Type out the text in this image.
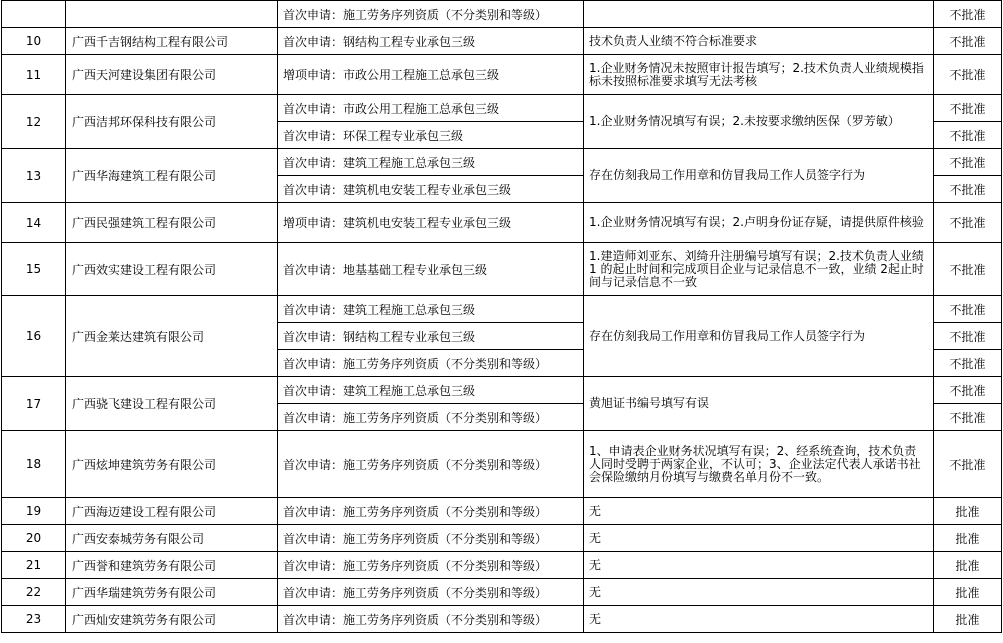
		首次申请：施工劳务序列资质（不分类别和等级）		不批准
10	广西千吉钢结构工程有限公司	首次申请：钢结构工程专业承包三级	技术负责人业绩不符合标准要求	不批准
11	广西天河建设集团有限公司	增项申请：市政公用工程施工总承包三级	1.企业财务情况未按照审计报告填写；2.技术负责人业绩规模指标未按照标准要求填写无法考核	不批准
12	广西洁邦环保科技有限公司	首次申请：市政公用工程施工总承包三级	1.企业财务情况填写有误；2.未按要求缴纳医保（罗芳敏）	不批准
		首次申请：环保工程专业承包三级		不批准
13	广西华海建筑工程有限公司	首次申请：建筑工程施工总承包三级	存在仿刻我局工作用章和仿冒我局工作人员签字行为	不批准
		首次申请：建筑机电安装工程专业承包三级		不批准
14	广西民强建筑工程有限公司	增项申请：建筑机电安装工程专业承包三级	1.企业财务情况填写有误；2.卢明身份证存疑，请提供原件核验	不批准
15	广西效实建设工程有限公司	首次申请：地基基础工程专业承包三级	1.建造师刘亚东、刘绮升注册编号填写有误；2.技术负责人业绩 1 的起止时间和完成项目企业与记录信息不一致，业绩 2起止时间与记录信息不一致	不批准
16	广西金莱达建筑有限公司	首次申请：建筑工程施工总承包三级	存在仿刻我局工作用章和仿冒我局工作人员签字行为	不批准
		首次申请：钢结构工程专业承包三级		不批准
		首次申请：施工劳务序列资质（不分类别和等级）		不批准
17	广西骁飞建设工程有限公司	首次申请：建筑工程施工总承包三级	黄旭证书编号填写有误	不批准
		首次申请：施工劳务序列资质（不分类别和等级）		不批准
18	广西炫坤建筑劳务有限公司	首次申请：施工劳务序列资质（不分类别和等级）	1、申请表企业财务状况填写有误；2、经系统查询，技术负责人同时受聘于两家企业，不认可；3、企业法定代表人承诺书社会保险缴纳月份填写与缴费名单月份不一致。	不批准
19	广西海迈建设工程有限公司	首次申请：施工劳务序列资质（不分类别和等级）	无	批准
20	广西安泰城劳务有限公司	首次申请：施工劳务序列资质（不分类别和等级）	无	批准
21	广西誉和建筑劳务有限公司	首次申请：施工劳务序列资质（不分类别和等级）	无	批准
22	广西华瑞建筑劳务有限公司	首次申请：施工劳务序列资质（不分类别和等级）	无	批准
23	广西灿安建筑劳务有限公司	首次申请：施工劳务序列资质（不分类别和等级）	无	批准
